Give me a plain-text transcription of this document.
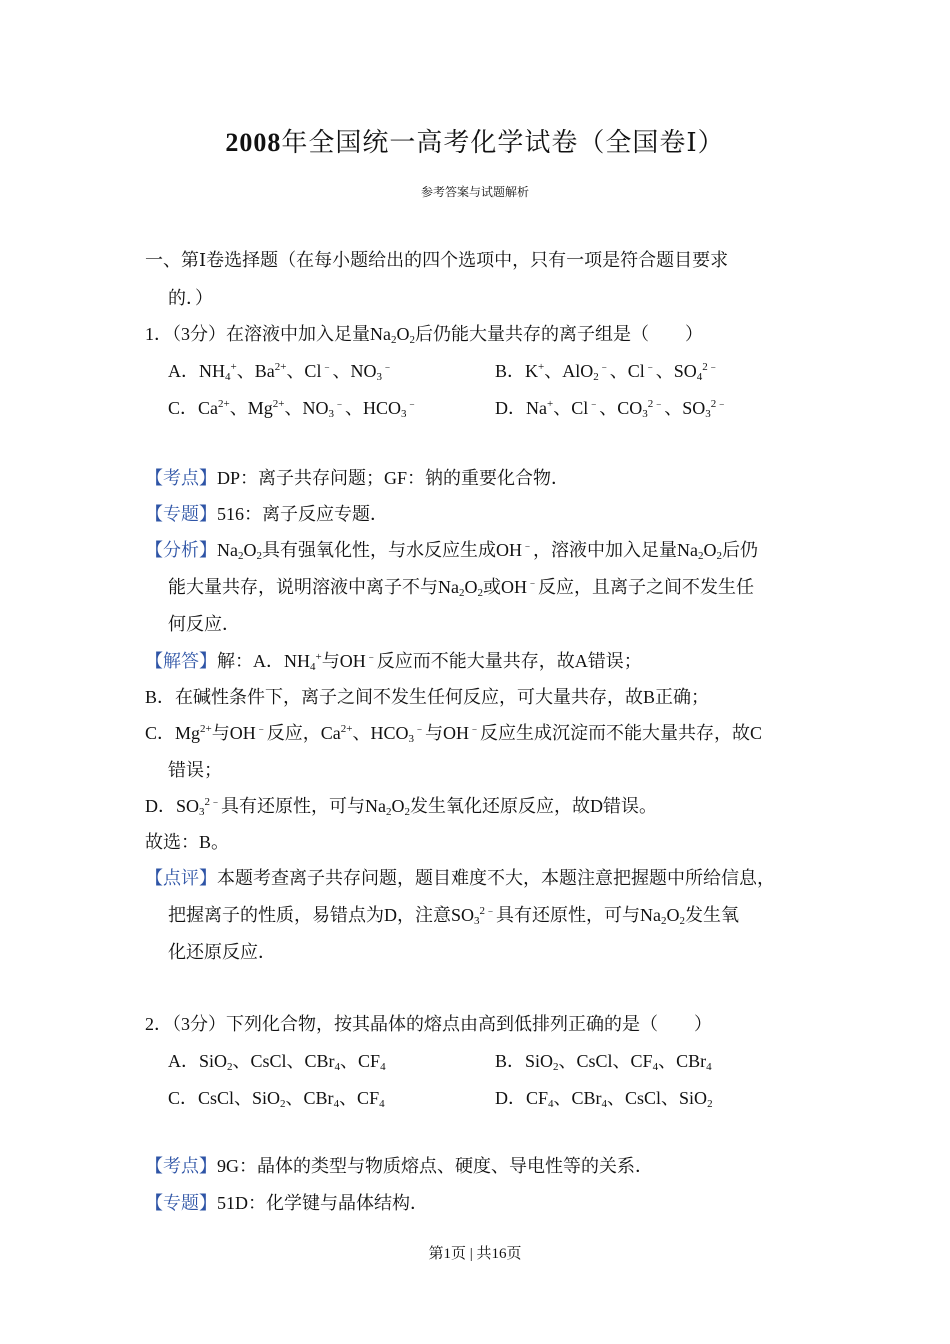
2008年全国统一高考化学试卷（全国卷Ⅰ）
参考答案与试题解析
一、第Ⅰ卷选择题（在每小题给出的四个选项中，只有一项是符合题目要求
的．）
1．（3分）在溶液中加入足量$Na_2O_2$后仍能大量共存的离子组是（　　）
A．$NH_4^+$、$Ba^{2+}$、Cl﹣、$NO_3^﹣$	B．K+、AlO$_2$﹣、Cl﹣、$SO_4^{2﹣}$
C．$Ca^{2+}$、$Mg^{2+}$、$NO_3^﹣$、$HCO_3^﹣$	D．Na+、Cl﹣、$CO_3^{2﹣}$、$SO_3^{2﹣}$
【考点】DP：离子共存问题；GF：钠的重要化合物．
【专题】516：离子反应专题．
【分析】$Na_2O_2$具有强氧化性，与水反应生成OH﹣，溶液中加入足量$Na_2O_2$后仍
能大量共存，说明溶液中离子不与$Na_2O_2$或OH﹣反应，且离子之间不发生任
何反应．
【解答】解：A．$NH_4^+$与OH﹣反应而不能大量共存，故A错误；
B．在碱性条件下，离子之间不发生任何反应，可大量共存，故B正确；
C．$Mg^{2+}$与OH﹣反应，$Ca^{2+}$、$HCO_3^﹣$与OH﹣反应生成沉淀而不能大量共存，故C
错误；
D．$SO_3^{2﹣}$具有还原性，可与$Na_2O_2$发生氧化还原反应，故D错误。
故选：B。
【点评】本题考查离子共存问题，题目难度不大，本题注意把握题中所给信息，
把握离子的性质，易错点为D，注意$SO_3^{2﹣}$具有还原性，可与$Na_2O_2$发生氧
化还原反应．
2．（3分）下列化合物，按其晶体的熔点由高到低排列正确的是（　　）
A．SiO$_2$、CsCl、CBr$_4$、$CF_4$	B．SiO$_2$、CsCl、$CF_4$、CBr$_4$
C．CsCl、SiO$_2$、CBr$_4$、$CF_4$	D．$CF_4$、CBr$_4$、CsCl、SiO$_2$
【考点】9G：晶体的类型与物质熔点、硬度、导电性等的关系．
【专题】51D：化学键与晶体结构．
第1页 | 共16页
